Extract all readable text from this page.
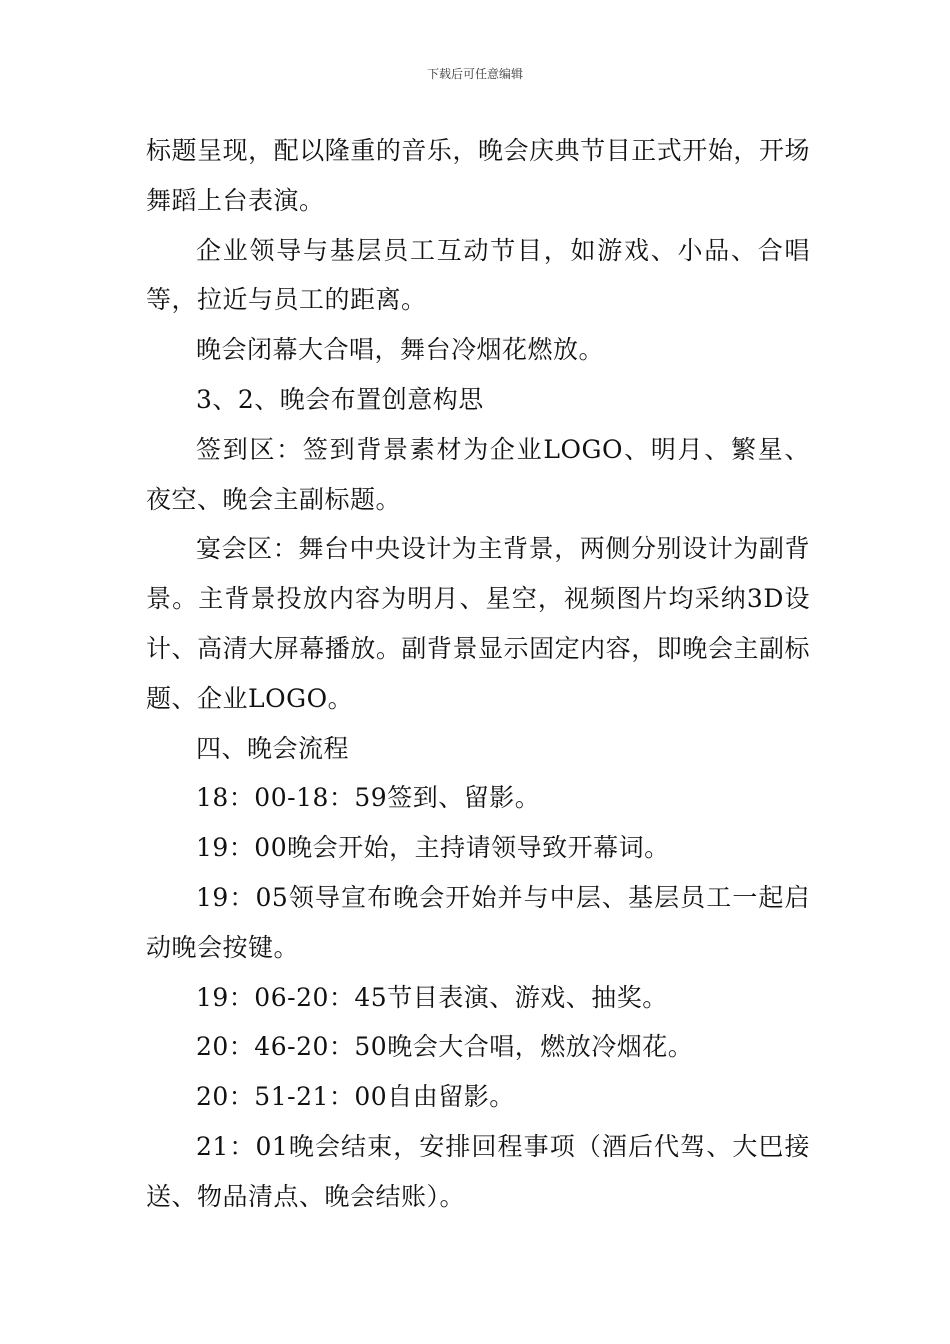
下载后可任意编辑

标题呈现，配以隆重的音乐，晚会庆典节目正式开始，开场舞蹈上台表演。

企业领导与基层员工互动节目，如游戏、小品、合唱等，拉近与员工的距离。

晚会闭幕大合唱，舞台冷烟花燃放。

3、2、晚会布置创意构思

签到区：签到背景素材为企业LOGO、明月、繁星、夜空、晚会主副标题。

宴会区：舞台中央设计为主背景，两侧分别设计为副背景。主背景投放内容为明月、星空，视频图片均采纳3D设计、高清大屏幕播放。副背景显示固定内容，即晚会主副标题、企业LOGO。

四、晚会流程

18：00-18：59签到、留影。

19：00晚会开始，主持请领导致开幕词。

19：05领导宣布晚会开始并与中层、基层员工一起启动晚会按键。

19：06-20：45节目表演、游戏、抽奖。

20：46-20：50晚会大合唱，燃放冷烟花。

20：51-21：00自由留影。

21：01晚会结束，安排回程事项（酒后代驾、大巴接送、物品清点、晚会结账）。
